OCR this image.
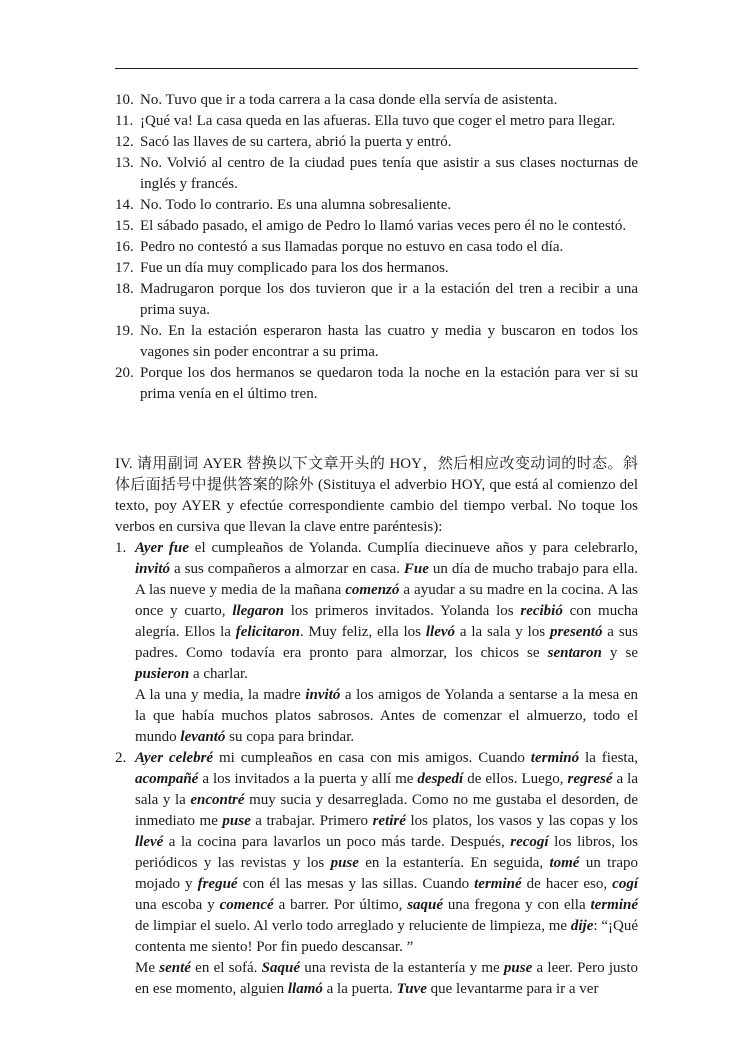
10. No. Tuvo que ir a toda carrera a la casa donde ella servía de asistenta.
11. ¡Qué va! La casa queda en las afueras. Ella tuvo que coger el metro para llegar.
12. Sacó las llaves de su cartera, abrió la puerta y entró.
13. No. Volvió al centro de la ciudad pues tenía que asistir a sus clases nocturnas de inglés y francés.
14. No. Todo lo contrario. Es una alumna sobresaliente.
15. El sábado pasado, el amigo de Pedro lo llamó varias veces pero él no le contestó.
16. Pedro no contestó a sus llamadas porque no estuvo en casa todo el día.
17. Fue un día muy complicado para los dos hermanos.
18. Madrugaron porque los dos tuvieron que ir a la estación del tren a recibir a una prima suya.
19. No. En la estación esperaron hasta las cuatro y media y buscaron en todos los vagones sin poder encontrar a su prima.
20. Porque los dos hermanos se quedaron toda la noche en la estación para ver si su prima venía en el último tren.

IV. 请用副词 AYER 替换以下文章开头的 HOY，然后相应改变动词的时态。斜体后面括号中提供答案的除外 (Sistituya el adverbio HOY, que está al comienzo del texto, poy AYER y efectúe correspondiente cambio del tiempo verbal. No toque los verbos en cursiva que llevan la clave entre paréntesis):

1. Ayer fue el cumpleaños de Yolanda. Cumplía diecinueve años y para celebrarlo, invitó a sus compañeros a almorzar en casa. Fue un día de mucho trabajo para ella. A las nueve y media de la mañana comenzó a ayudar a su madre en la cocina. A las once y cuarto, llegaron los primeros invitados. Yolanda los recibió con mucha alegría. Ellos la felicitaron. Muy feliz, ella los llevó a la sala y los presentó a sus padres. Como todavía era pronto para almorzar, los chicos se sentaron y se pusieron a charlar.

A la una y media, la madre invitó a los amigos de Yolanda a sentarse a la mesa en la que había muchos platos sabrosos. Antes de comenzar el almuerzo, todo el mundo levantó su copa para brindar.

2. Ayer celebré mi cumpleaños en casa con mis amigos. Cuando terminó la fiesta, acompañé a los invitados a la puerta y allí me despedí de ellos. Luego, regresé a la sala y la encontré muy sucia y desarreglada. Como no me gustaba el desorden, de inmediato me puse a trabajar. Primero retiré los platos, los vasos y las copas y los llevé a la cocina para lavarlos un poco más tarde. Después, recogí los libros, los periódicos y las revistas y los puse en la estantería. En seguida, tomé un trapo mojado y fregué con él las mesas y las sillas. Cuando terminé de hacer eso, cogí una escoba y comencé a barrer. Por último, saqué una fregona y con ella terminé de limpiar el suelo. Al verlo todo arreglado y reluciente de limpieza, me dije: “¡Qué contenta me siento! Por fin puedo descansar. ”

Me senté en el sofá. Saqué una revista de la estantería y me puse a leer. Pero justo en ese momento, alguien llamó a la puerta. Tuve que levantarme para ir a ver
